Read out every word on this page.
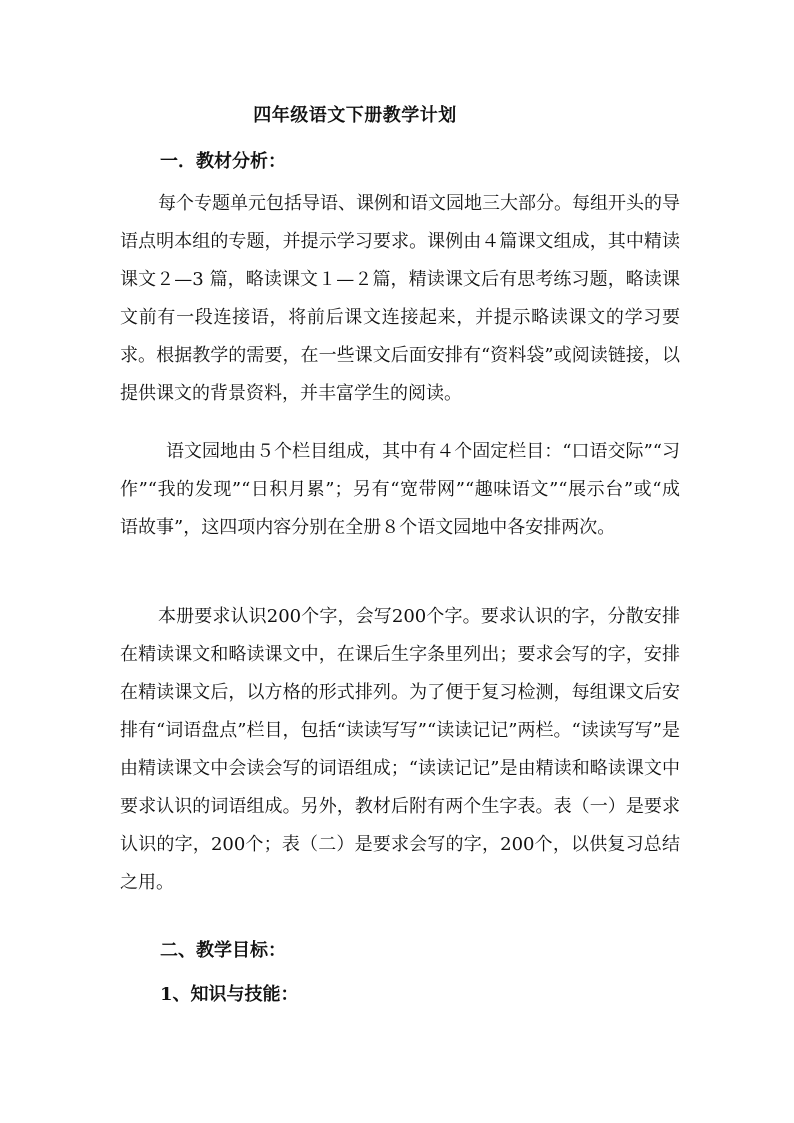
四年级语文下册教学计划
一．教材分析：

每个专题单元包括导语、课例和语文园地三大部分。每组开头的导语点明本组的专题，并提示学习要求。课例由４篇课文组成，其中精读课文２—3 篇，略读课文１—２篇，精读课文后有思考练习题，略读课文前有一段连接语，将前后课文连接起来，并提示略读课文的学习要求。根据教学的需要，在一些课文后面安排有“资料袋”或阅读链接，以提供课文的背景资料，并丰富学生的阅读。

语文园地由５个栏目组成，其中有４个固定栏目：“口语交际”“习作”“我的发现”“日积月累”；另有“宽带网”“趣味语文”“展示台”或“成语故事”，这四项内容分别在全册８个语文园地中各安排两次。

本册要求认识200个字，会写200个字。要求认识的字，分散安排在精读课文和略读课文中，在课后生字条里列出；要求会写的字，安排在精读课文后，以方格的形式排列。为了便于复习检测，每组课文后安排有“词语盘点”栏目，包括“读读写写”“读读记记”两栏。“读读写写”是由精读课文中会读会写的词语组成；“读读记记”是由精读和略读课文中要求认识的词语组成。另外，教材后附有两个生字表。表（一）是要求认识的字，200个；表（二）是要求会写的字，200个，以供复习总结之用。

二、教学目标：
1、知识与技能：
